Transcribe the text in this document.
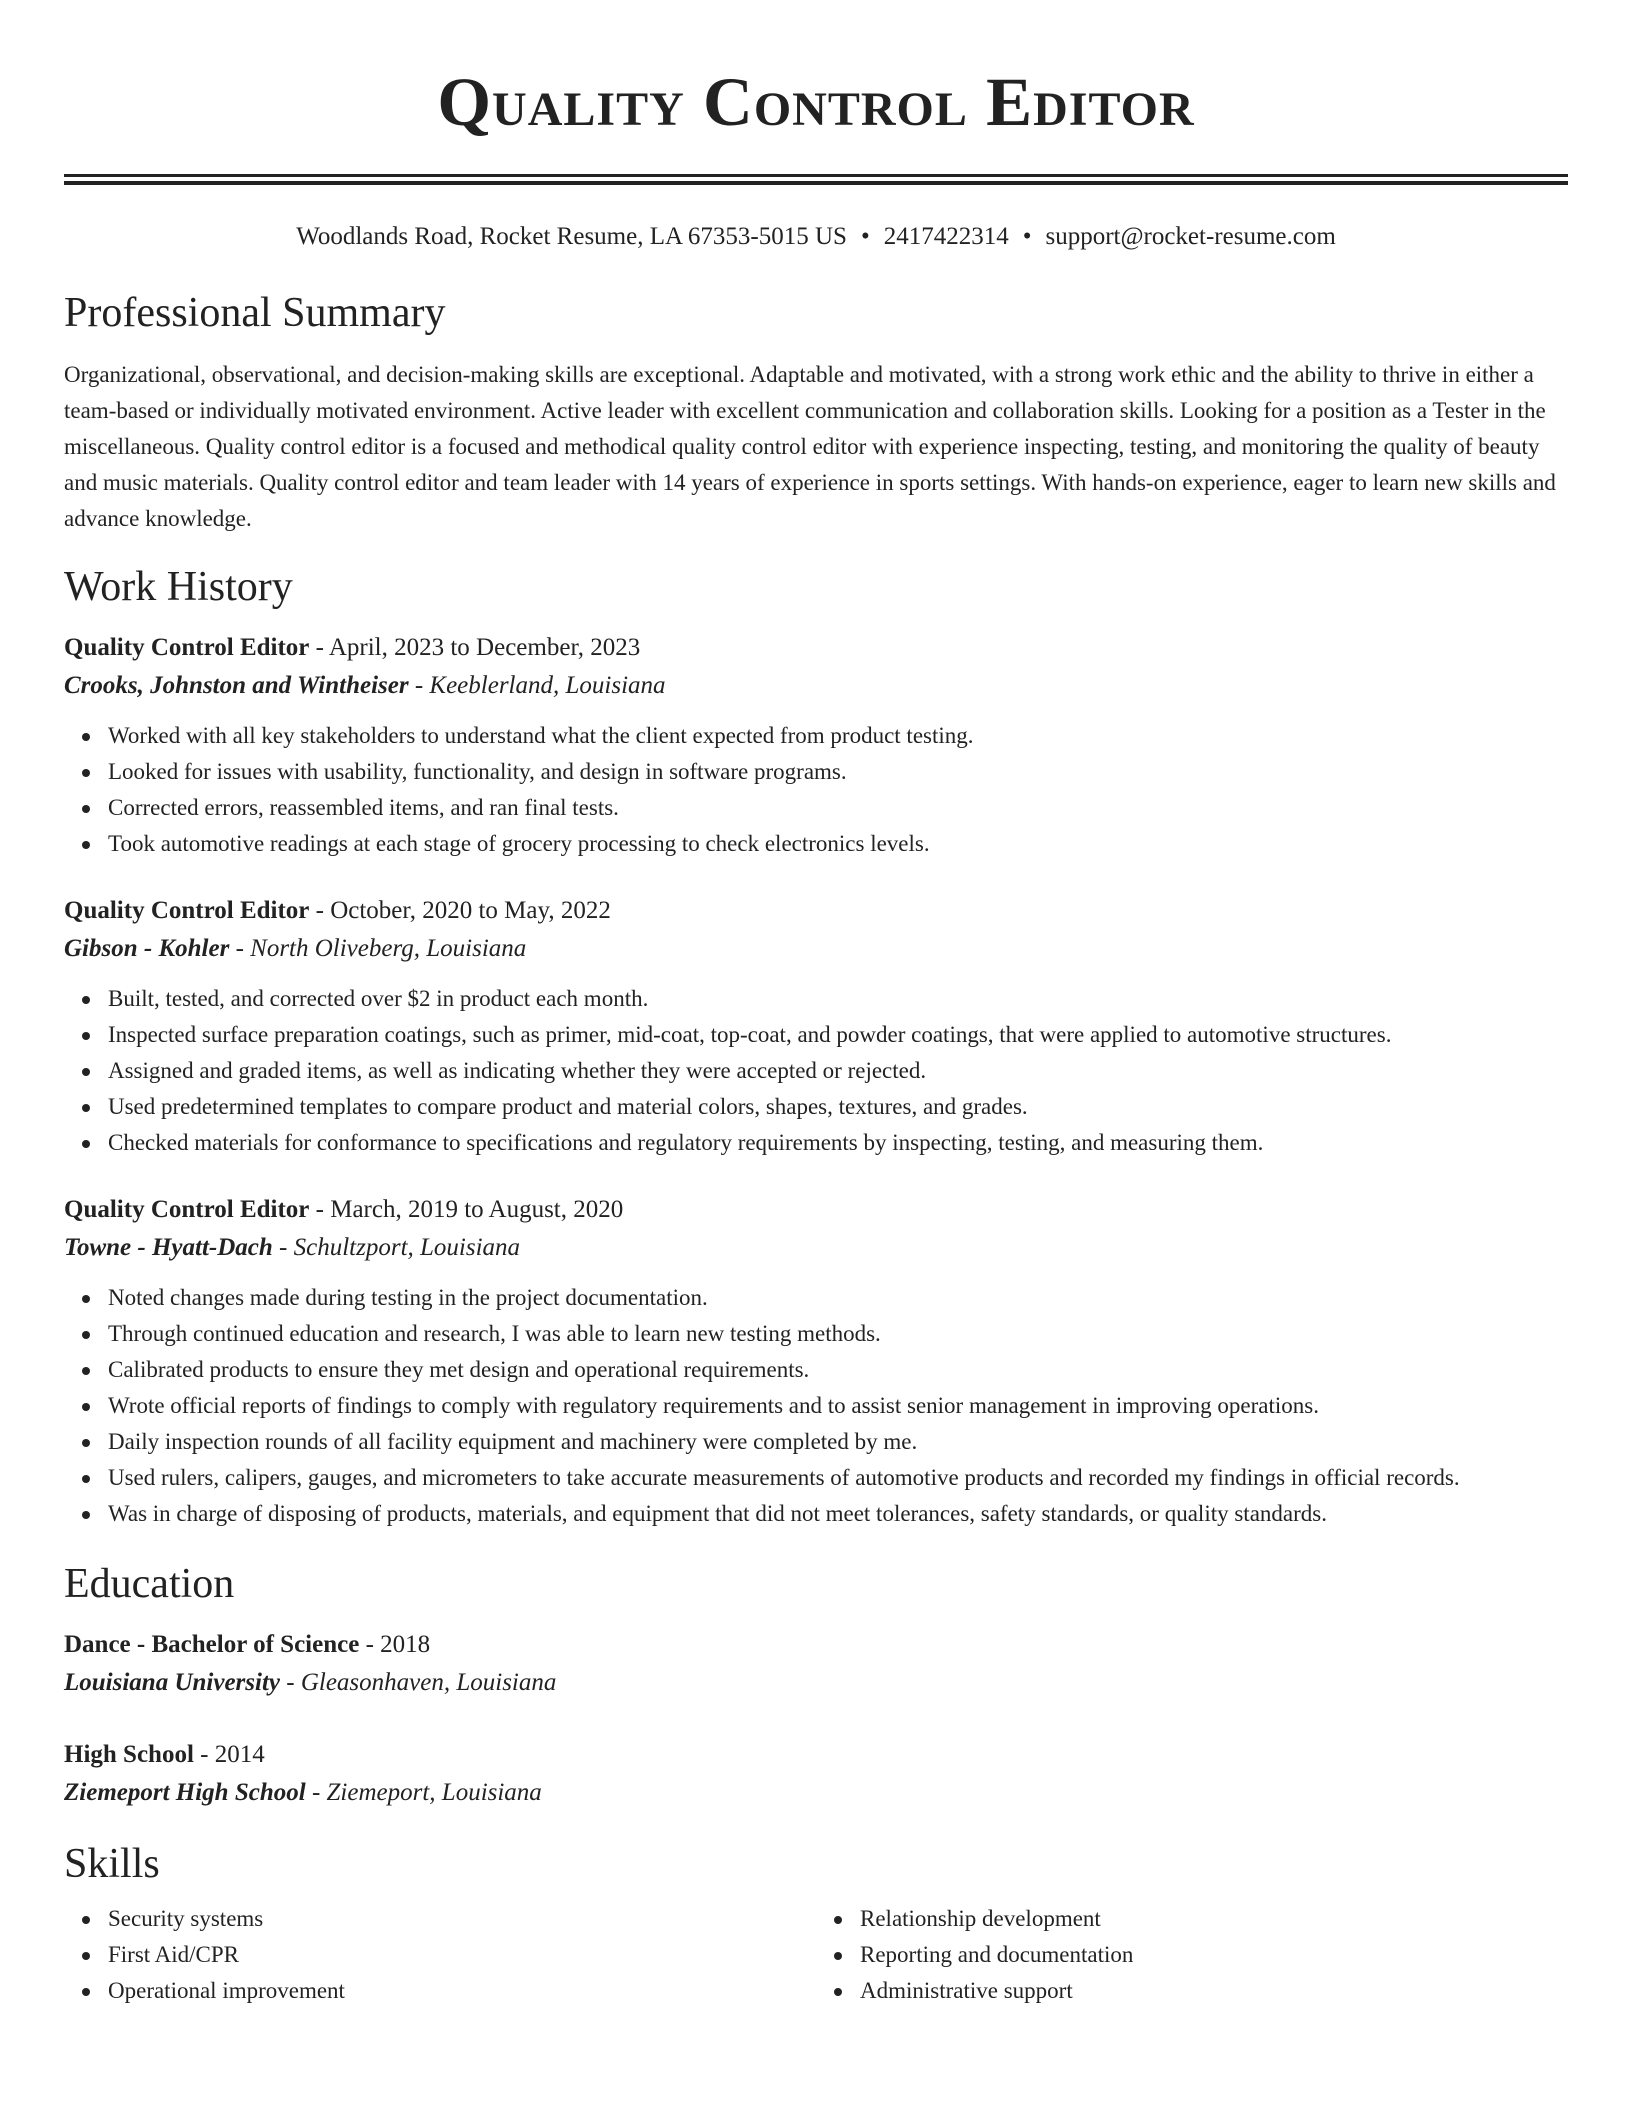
Quality Control Editor
Woodlands Road, Rocket Resume, LA 67353-5015 US • 2417422314 • support@rocket-resume.com
Professional Summary

Organizational, observational, and decision-making skills are exceptional. Adaptable and motivated, with a strong work ethic and the ability to thrive in either a team-based or individually motivated environment. Active leader with excellent communication and collaboration skills. Looking for a position as a Tester in the miscellaneous. Quality control editor is a focused and methodical quality control editor with experience inspecting, testing, and monitoring the quality of beauty and music materials. Quality control editor and team leader with 14 years of experience in sports settings. With hands-on experience, eager to learn new skills and advance knowledge.

Work History
Quality Control Editor - April, 2023 to December, 2023
Crooks, Johnston and Wintheiser - Keeblerland, Louisiana
Worked with all key stakeholders to understand what the client expected from product testing.
Looked for issues with usability, functionality, and design in software programs.
Corrected errors, reassembled items, and ran final tests.
Took automotive readings at each stage of grocery processing to check electronics levels.
Quality Control Editor - October, 2020 to May, 2022
Gibson - Kohler - North Oliveberg, Louisiana
Built, tested, and corrected over $2 in product each month.
Inspected surface preparation coatings, such as primer, mid-coat, top-coat, and powder coatings, that were applied to automotive structures.
Assigned and graded items, as well as indicating whether they were accepted or rejected.
Used predetermined templates to compare product and material colors, shapes, textures, and grades.
Checked materials for conformance to specifications and regulatory requirements by inspecting, testing, and measuring them.
Quality Control Editor - March, 2019 to August, 2020
Towne - Hyatt-Dach - Schultzport, Louisiana
Noted changes made during testing in the project documentation.
Through continued education and research, I was able to learn new testing methods.
Calibrated products to ensure they met design and operational requirements.
Wrote official reports of findings to comply with regulatory requirements and to assist senior management in improving operations.
Daily inspection rounds of all facility equipment and machinery were completed by me.
Used rulers, calipers, gauges, and micrometers to take accurate measurements of automotive products and recorded my findings in official records.
Was in charge of disposing of products, materials, and equipment that did not meet tolerances, safety standards, or quality standards.
Education
Dance - Bachelor of Science - 2018
Louisiana University - Gleasonhaven, Louisiana
High School - 2014
Ziemeport High School - Ziemeport, Louisiana
Skills
Security systems
First Aid/CPR
Operational improvement
Relationship development
Reporting and documentation
Administrative support
